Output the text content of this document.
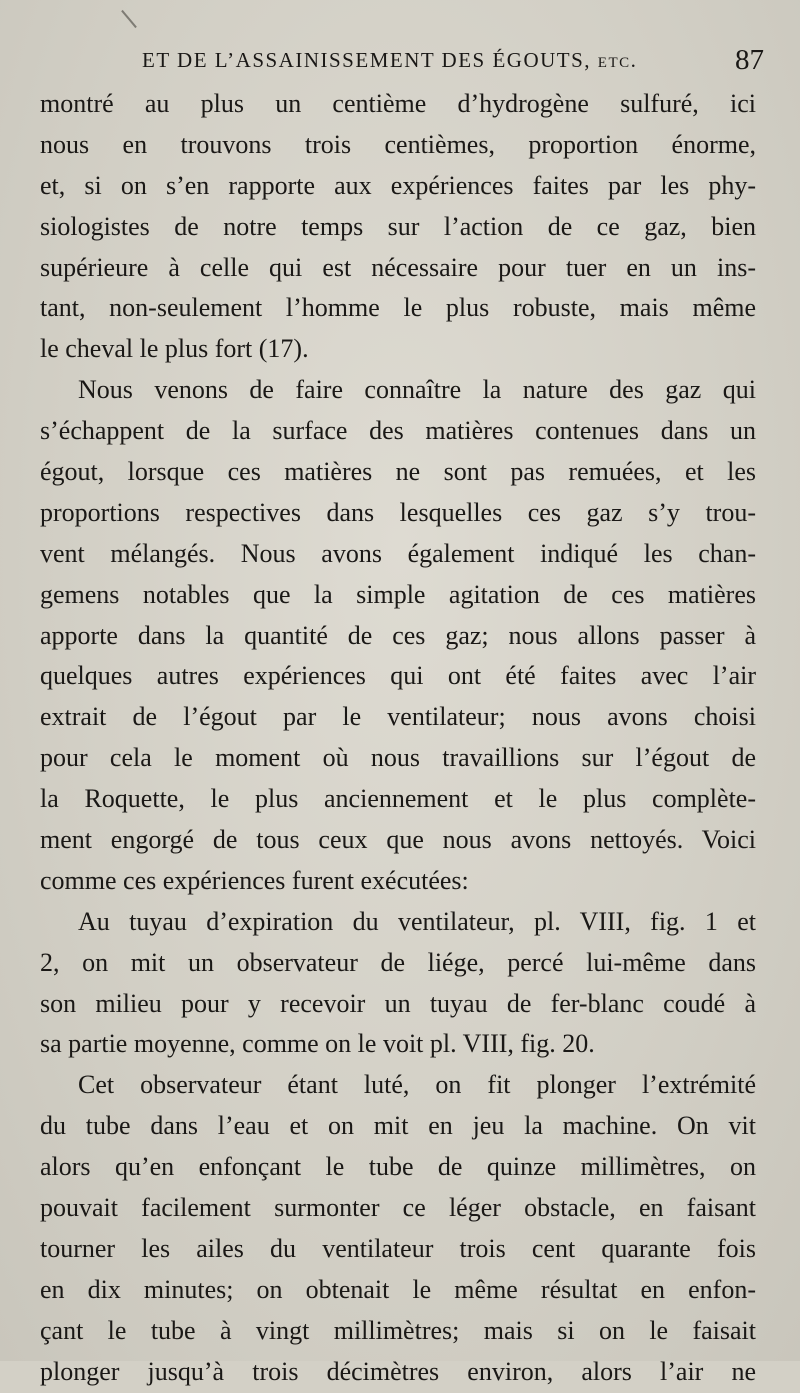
ET DE L’ASSAINISSEMENT DES ÉGOUTS, etc.	87
montré au plus un centième d’hydrogène sulfuré, ici
nous en trouvons trois centièmes, proportion énorme,
et, si on s’en rapporte aux expériences faites par les phy-
siologistes de notre temps sur l’action de ce gaz, bien
supérieure à celle qui est nécessaire pour tuer en un ins-
tant, non-seulement l’homme le plus robuste, mais même
le cheval le plus fort (17).
Nous venons de faire connaître la nature des gaz qui
s’échappent de la surface des matières contenues dans un
égout, lorsque ces matières ne sont pas remuées, et les
proportions respectives dans lesquelles ces gaz s’y trou-
vent mélangés. Nous avons également indiqué les chan-
gemens notables que la simple agitation de ces matières
apporte dans la quantité de ces gaz; nous allons passer à
quelques autres expériences qui ont été faites avec l’air
extrait de l’égout par le ventilateur; nous avons choisi
pour cela le moment où nous travaillions sur l’égout de
la Roquette, le plus anciennement et le plus complète-
ment engorgé de tous ceux que nous avons nettoyés. Voici
comme ces expériences furent exécutées:
Au tuyau d’expiration du ventilateur, pl. VIII, fig. 1 et
2, on mit un observateur de liége, percé lui-même dans
son milieu pour y recevoir un tuyau de fer-blanc coudé à
sa partie moyenne, comme on le voit pl. VIII, fig. 20.
Cet observateur étant luté, on fit plonger l’extrémité
du tube dans l’eau et on mit en jeu la machine. On vit
alors qu’en enfonçant le tube de quinze millimètres, on
pouvait facilement surmonter ce léger obstacle, en faisant
tourner les ailes du ventilateur trois cent quarante fois
en dix minutes; on obtenait le même résultat en enfon-
çant le tube à vingt millimètres; mais si on le faisait
plonger jusqu’à trois décimètres environ, alors l’air ne
